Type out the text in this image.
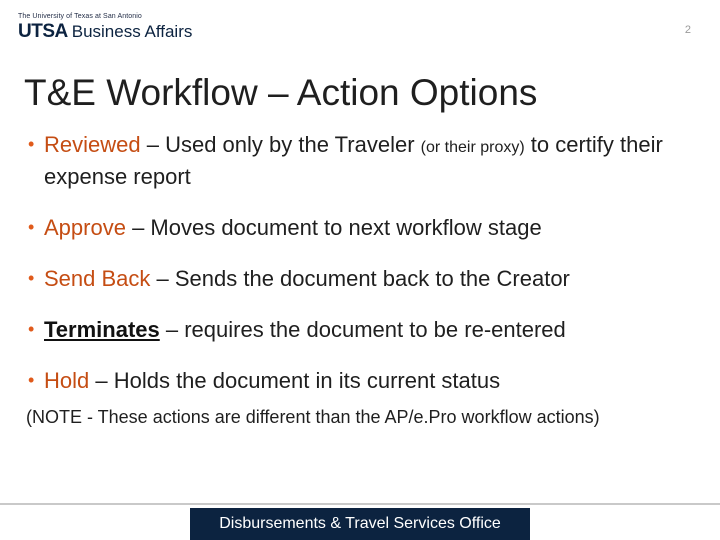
The University of Texas at San Antonio
UTSA Business Affairs	2
T&E Workflow – Action Options
• Reviewed – Used only by the Traveler (or their proxy) to certify their expense report
• Approve – Moves document to next workflow stage
• Send Back – Sends the document back to the Creator
• Terminates – requires the document to be re-entered
• Hold – Holds the document in its current status
(NOTE - These actions are different than the AP/e.Pro workflow actions)
Disbursements & Travel Services Office
